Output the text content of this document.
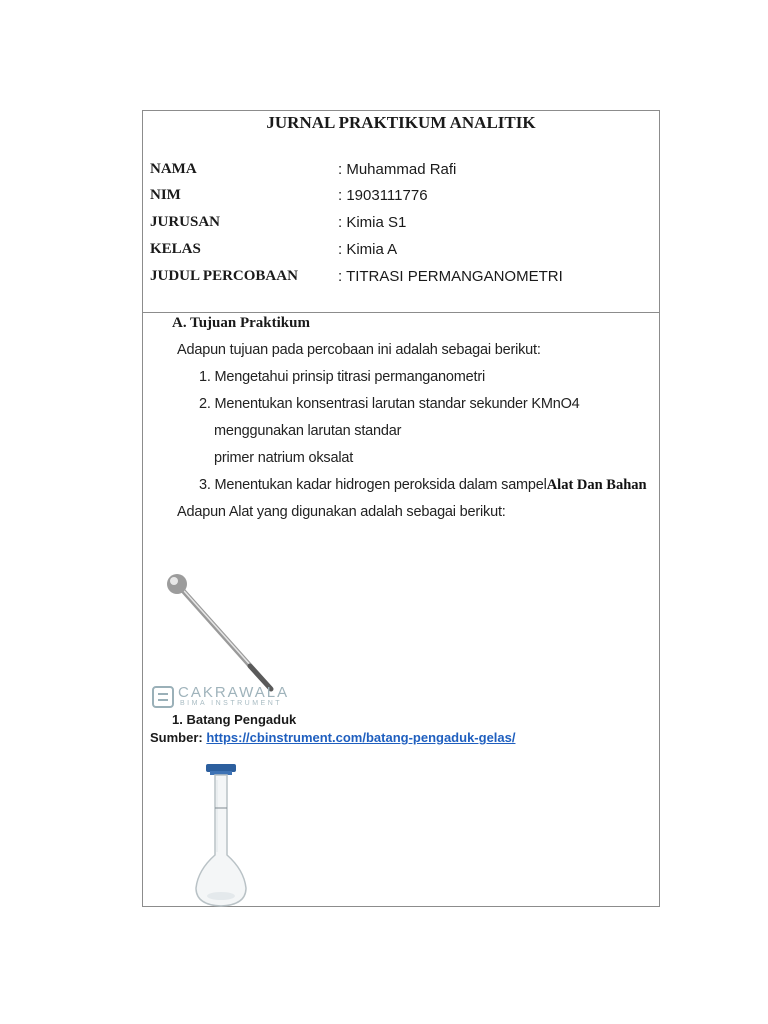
JURNAL PRAKTIKUM ANALITIK
NAMA	: Muhammad Rafi
NIM	: 1903111776
JURUSAN	: Kimia S1
KELAS	: Kimia A
JUDUL PERCOBAAN	: TITRASI PERMANGANOMETRI
A. Tujuan Praktikum
Adapun tujuan pada percobaan ini adalah sebagai berikut:
1. Mengetahui prinsip titrasi permanganometri
2. Menentukan konsentrasi larutan standar sekunder KMnO4
menggunakan larutan standar
primer natrium oksalat
3. Menentukan kadar hidrogen peroksida dalam sampelAlat Dan Bahan
Adapun Alat yang digunakan adalah sebagai berikut:
CAKRAWALA
BIMA INSTRUMENT
1. Batang Pengaduk
Sumber: https://cbinstrument.com/batang-pengaduk-gelas/
